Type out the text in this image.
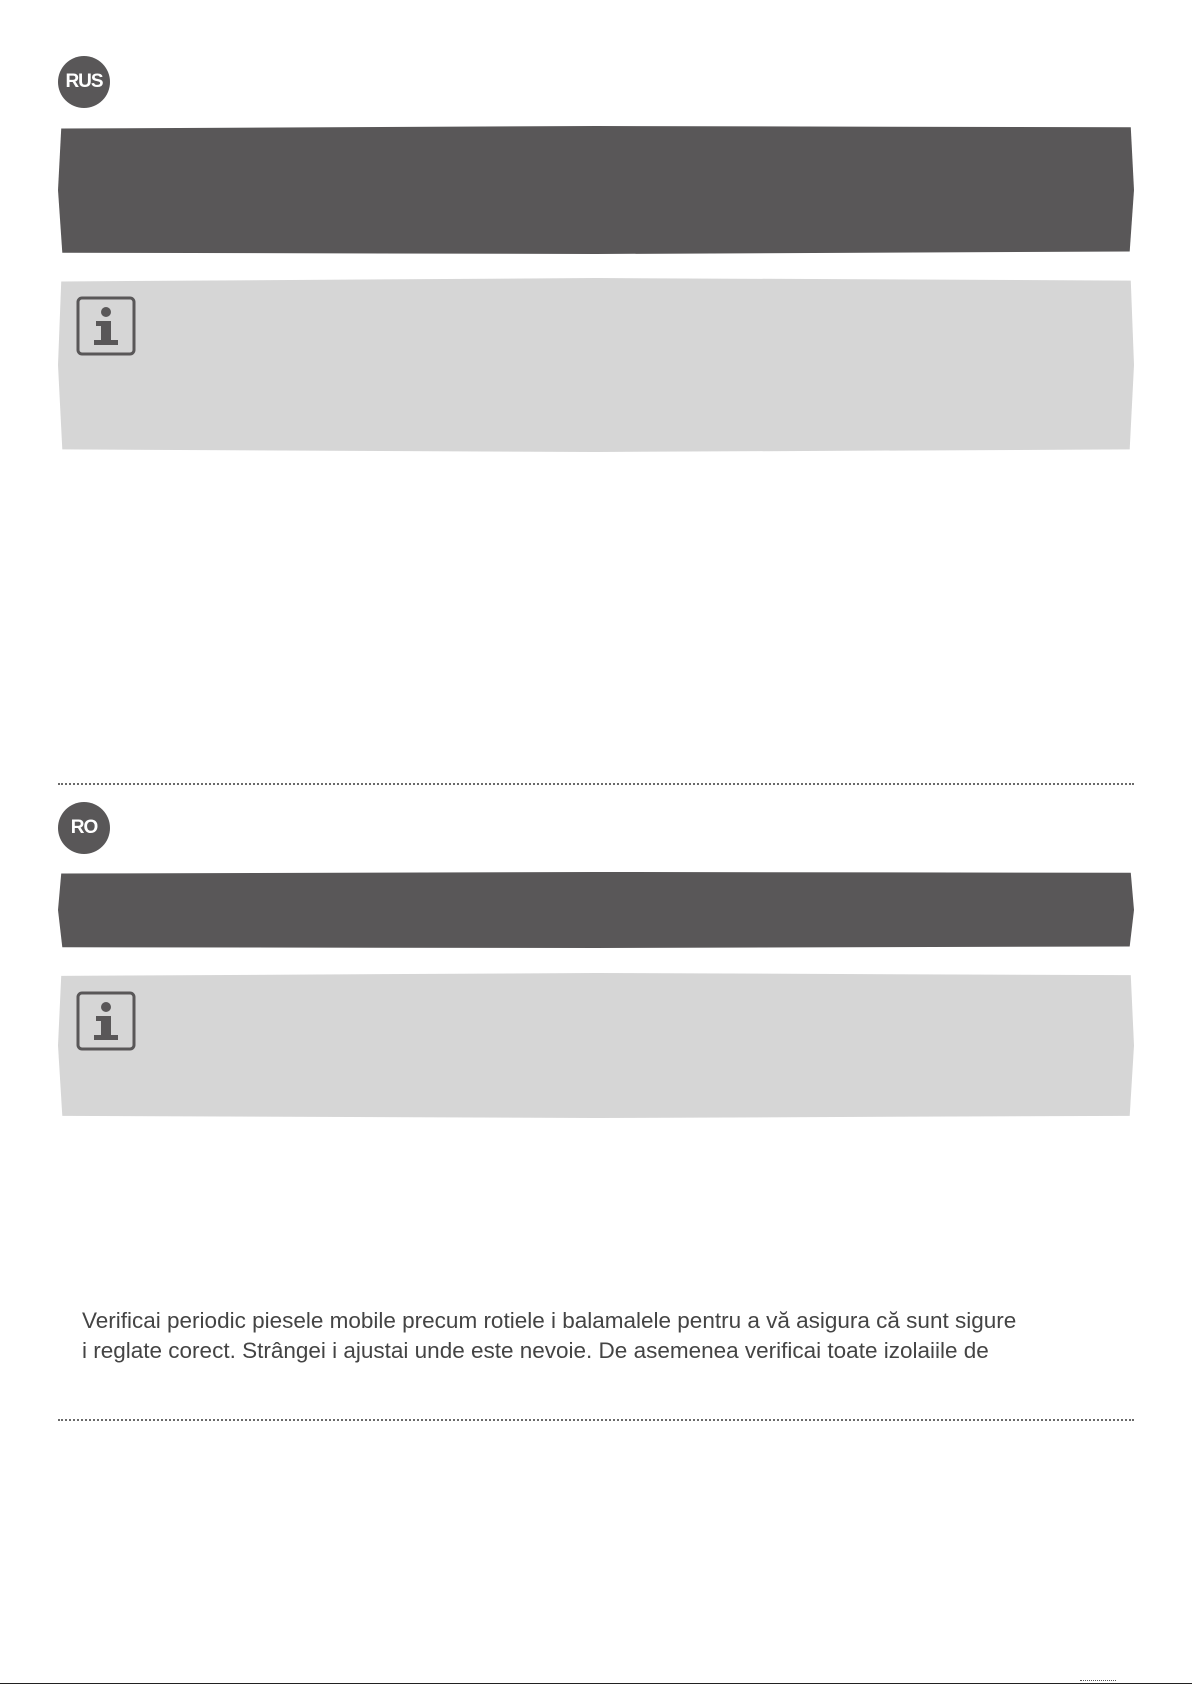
RUS
RO
Verificai periodic piesele mobile precum rotiele i balamalele pentru a vă asigura că sunt sigure
i reglate corect. Strângei i ajustai unde este nevoie. De asemenea verificai toate izolaiile de
